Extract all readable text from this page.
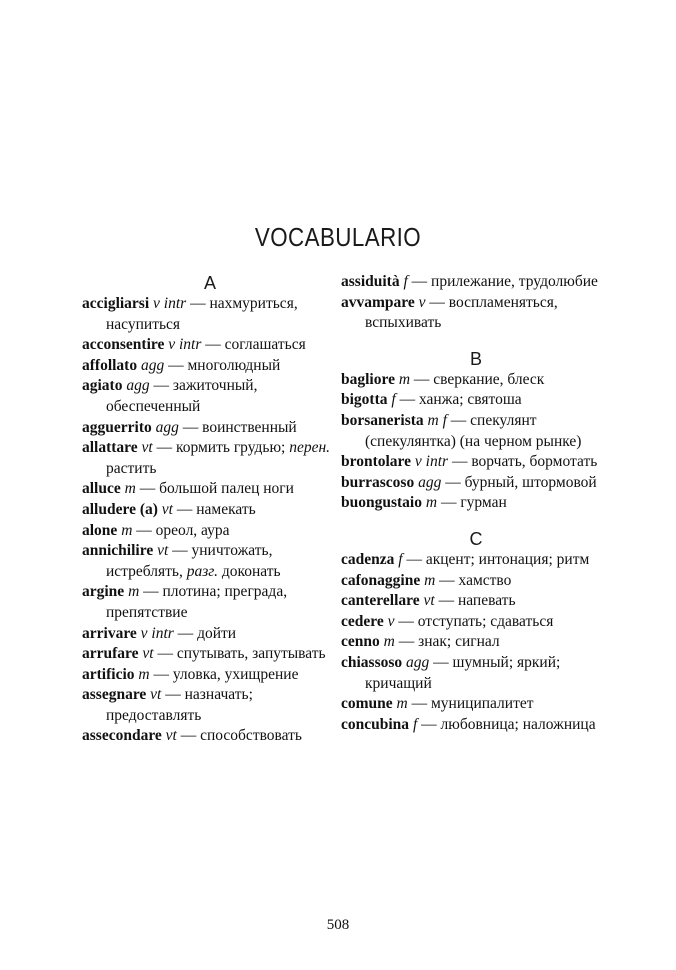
VOCABULARIO
A
accigliarsi v intr — нахмуриться, насупиться
acconsentire v intr — соглашаться
affollato agg — многолюдный
agiato agg — зажиточный, обеспеченный
agguerrito agg — воинственный
allattare vt — кормить грудью; перен. растить
alluce m — большой палец ноги
alludere (a) vt — намекать
alone m — ореол, аура
annichilire vt — уничтожать, истреблять, разг. доконать
argine m — плотина; преграда, препятствие
arrivare v intr — дойти
arrufare vt — спутывать, запутывать
artificio m — уловка, ухищрение
assegnare vt — назначать; предоставлять
assecondare vt — способствовать
assiduità f — прилежание, трудолюбие
avvampare v — воспламеняться, вспыхивать
B
bagliore m — сверкание, блеск
bigotta f — ханжа; святоша
borsanerista m f — спекулянт (спекулянтка) (на черном рынке)
brontolare v intr — ворчать, бормотать
burrascoso agg — бурный, штормовой
buongustaio m — гурман
C
cadenza f — акцент; интонация; ритм
cafonaggine m — хамство
canterellare vt — напевать
cedere v — отступать; сдаваться
cenno m — знак; сигнал
chiassoso agg — шумный; яркий; кричащий
comune m — муниципалитет
concubina f — любовница; наложница
508
